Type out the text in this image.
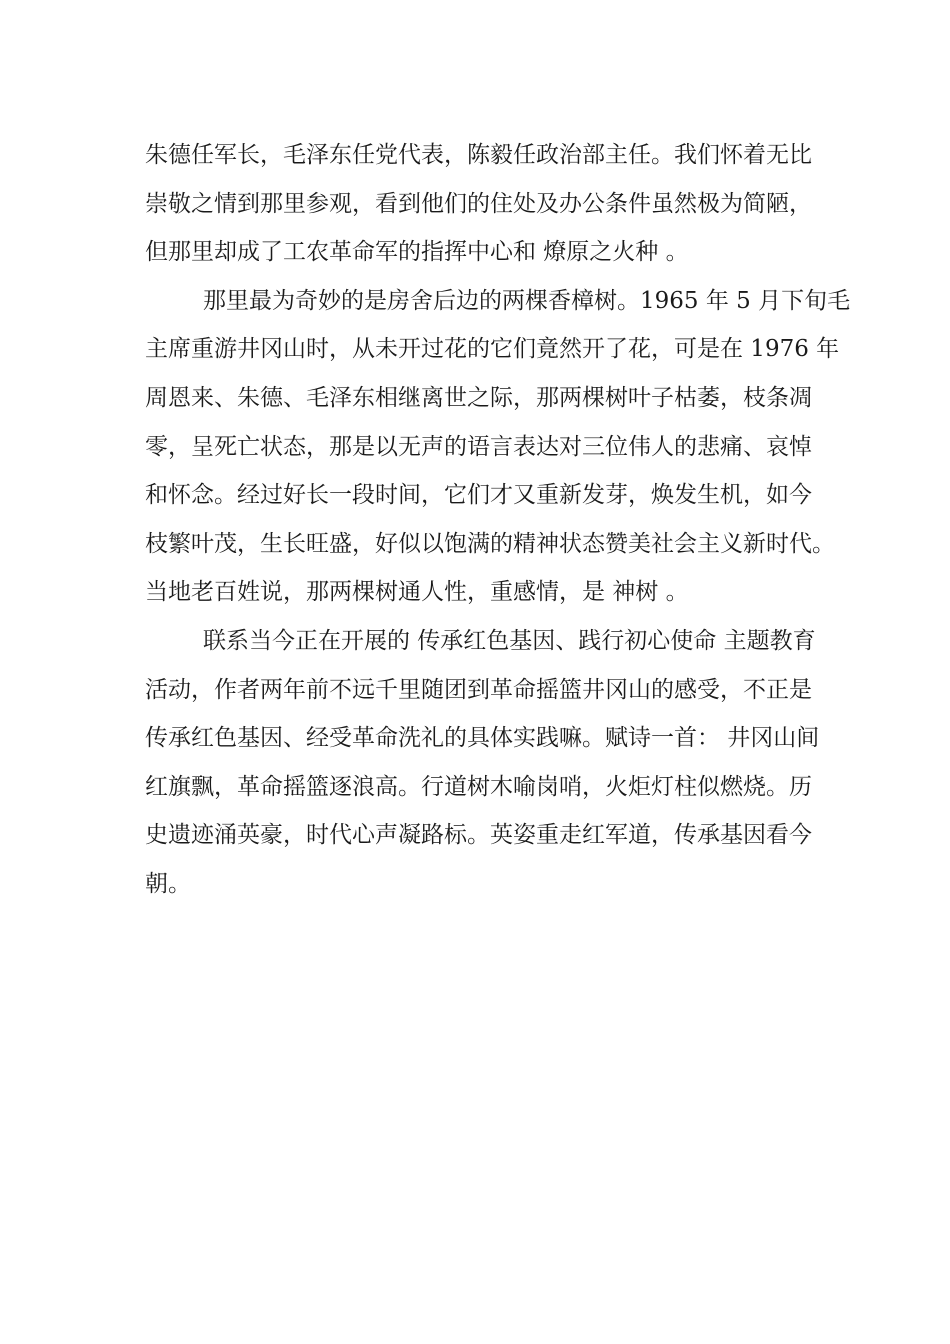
朱德任军长，毛泽东任党代表，陈毅任政治部主任。我们怀着无比
崇敬之情到那里参观，看到他们的住处及办公条件虽然极为简陋，
但那里却成了工农革命军的指挥中心和 燎原之火种 。
那里最为奇妙的是房舍后边的两棵香樟树。1965 年 5 月下旬毛
主席重游井冈山时，从未开过花的它们竟然开了花，可是在 1976 年
周恩来、朱德、毛泽东相继离世之际，那两棵树叶子枯萎，枝条凋
零，呈死亡状态，那是以无声的语言表达对三位伟人的悲痛、哀悼
和怀念。经过好长一段时间，它们才又重新发芽，焕发生机，如今
枝繁叶茂，生长旺盛，好似以饱满的精神状态赞美社会主义新时代。
当地老百姓说，那两棵树通人性，重感情，是 神树 。
联系当今正在开展的 传承红色基因、践行初心使命 主题教育
活动，作者两年前不远千里随团到革命摇篮井冈山的感受，不正是
传承红色基因、经受革命洗礼的具体实践嘛。赋诗一首： 井冈山间
红旗飘，革命摇篮逐浪高。行道树木喻岗哨，火炬灯柱似燃烧。历
史遗迹涌英豪，时代心声凝路标。英姿重走红军道，传承基因看今
朝。
